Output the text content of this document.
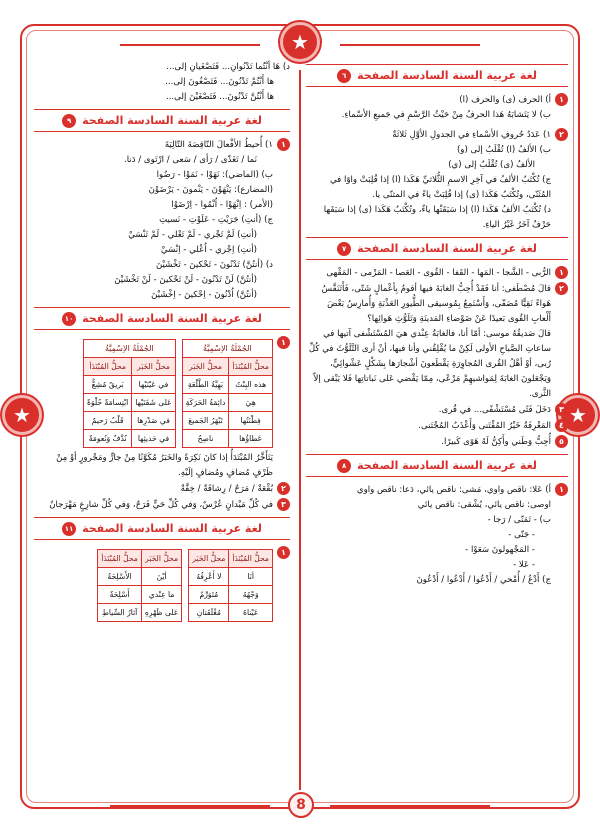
★
★	★
8
لغة عربية السنة السادسة الصفحة
٦
١
أ) الحرف (ى) والحرف (ا)
ب) لا يَتَشابَهُ هَذا الحرفُ مِنْ حَيْثُ الرَّسْمِ في جَميعِ الأسْماءِ.
٢
١) عَدَدُ حُروفِ الأسْماءِ في الجدولِ الأوَّلِ ثَلاثَةٌ
ب) الألفُ (ا) تُقْلَبُ إلى (و)
الألفُ (ى) تُقْلَبُ إلى (ي)
ج) تُكْتَبُ الألفُ في آخِرِ الاسمِ الثُّلاثيِّ هَكَذا (ا) إذا قُلِبَتْ واوًا في المُثَنّى، وتُكْتَبُ هَكَذا (ى) إذا قُلِبَتْ ياءً في المثنّى يا.
د) تُكْتَبُ الألفُ هَكَذا (ا) إذا سَبَقَتْها ياءٌ، وتُكْتَبُ هَكَذا (ى) إذا سَبَقَها حَرْفٌ آخَرُ غَيْرُ الياءِ.
لغة عربية السنة السادسة الصفحة
٧
١
الرُّبى - الشَّجا - المَها - القَفا - القُوى - العَصا - المَرْمى - المَقْهى
٢
قالَ مُصْطَفى: أنا فَقَدْ أُحِبُّ الغابَةَ فيها أقومُ بِأعْمالٍ شَتّى، فَأَتَنَفَّسُ هَواءً نَقِيًّا مُصَفّى، وَأَسْتَمِعُ بِمُوسيقى الطُّيورِ العَذْبَةِ وَأُمارِسُ بَعْضَ أَلْعابِ القُوى بَعيدًا عَنْ ضَوْضاءِ المَدينَةِ وَتَلَوُّثِ هَوائِها؟
قالَ صَديقُهُ موسى: أمّا أنا، فالغابَةُ عِنْدي هيَ المُسْتَشْفى آتيها في ساعاتِ الصَّباحِ الأولى لَكِنْ ما يُقْلِقُني وأنا فيها، أنْ أرى التَّلَوُّثَ في كُلِّ رُبى، أوْ أهْلُ القُرى المُجاوِرَةِ يَقْطَعونَ أشْجارَها بِشَكْلٍ عَشْوائِيٍّ، وَيَجْعَلونَ الغابَةَ لِمَواشيهِمْ مَرْعًى، مِمّا يَقْضي عَلى نَباتاتِها فَلا يَبْقى إلاّ الثَّرى.
٣
دَخَلَ فَتًى مُسْتَشْفًى... في قُرى.
٤
المَعْرِفَةُ خَيْرُ المُقْتَنى وَأَعْذَبُ المُجْتَنى.
٥
أُحِبُّ وَطَني وأَكِنُّ لَهُ هَوًى كَبيرًا.
لغة عربية السنة السادسة الصفحة
٨
١
أ) عَلا: ناقص واوي، مَشى: ناقص يائي، دَعا: ناقص واوي
اوصى: ناقص يائي، يُشْقى: ناقص يائي
ب) - تَمَنّى / رَجا -
- جَنّى -
- المَجْهولونَ سَعَوْا -
- عَلا -
ج) أَدْعُ / أُمْحي / أَدْعُوا / أَدْعُوا / أَدْعُونَ
د) هَا أَنْتُما تَدْنُوانِ... فَتَصْغَيانِ إلى...
ها أَنْتُمْ تَدْنُونَ... فَتَصْغُونَ إلى...
ها أَنْتُنَّ تَدْنُونَ... فَتَصْغَيْنَ إلى...
لغة عربية السنة السادسة الصفحة
٩
١
١) أُحيطُ الأفْعالَ النّاقِصَةَ التّالِيَةَ
نَما / تَغَذّى / رَأى / سَعى / ارْتَوى / دَنا.
ب) (الماضي): نَهَوْا - نَمَوْا - رَضُوا
(المضارع): يَنْهَوْنَ - يَنْمونَ - يَرْضَوْنَ
(الأمر) : اِنْهَوْا - اُنْمُوا - اِرْضَوْا
ج) (أنتِ) جَرَيْتِ - عَلَوْتِ - نَسيتِ
(أنتِ) لَمْ تَجْري - لَمْ تَعْلي - لَمْ تَنْسَيْ
(أنتِ) اِجْري - اُعْلي - اِنْسَيْ
د) (أنتُنَّ) تَدْنُونَ - تَحْكينَ - تَخْشَيْنَ
(أنتُنَّ) لَنْ تَدْنُونَ - لَنْ تَحْكينَ - لَنْ تَخْشَيْنَ
(أنتُنَّ) اُدْنُونَ - اِحْكينَ - اِخْشَيْنَ
لغة عربية السنة السادسة الصفحة
١٠
١
الجُمْلَةُ الاِسْمِيَّةُ	
محلُّ المُبْتَدَأ	محلُّ الخَبَر
هذه البِنْتُ	بَهِيَّةُ الطَّلْعَةِ
هِيَ	دائِمَةُ الحَرَكَةِ
فِطْنَتُها	تَبْهَرُ الجَميعَ
عَطاؤُها	ناصِحٌ
الجُمْلَةُ الاِسْمِيَّةُ	
محلُّ الخَبَر	محلُّ المُبْتَدَأ
في عَيْنَيْها	بَريقٌ مُشِعٌّ
عَلى شَفَتَيْها	ابْتِسامَةٌ حُلْوَةٌ
في صَدْرِها	قَلْبٌ رَحيمٌ
في حَديثِها	نُدَّفٌ وَنُعومَةٌ
يَتَأَخَّرُ المُبْتَدَأُ إذا كانَ نَكِرَةً والخَبَرُ مُكَوَّنًا مِنْ جارٍّ ومَجْرورٍ أوْ مِنْ ظَرْفٍ مُضافٍ ومُضافٍ إلَيْهِ.
٢
بُقْعَةٌ / مَرَحٌ / رِشاقَةٌ / خِفَّةٌ
٣
في كُلِّ مَيْدانٍ عُرْسٌ، وَفي كُلِّ حَيٍّ فَرَحٌ، وَفي كُلِّ شارِعٍ مَهْرَجانٌ
لغة عربية السنة السادسة الصفحة
١١
١
محلُّ المُبْتَدَأ	محلُّ الخَبَر
أنَا	لا أَعْرِفُهُ
وَجْهُهُ	مُتَوَرِّمٌ
عَيْناهُ	مُغْلَقَتانِ
محلُّ الخَبَر	محلُّ المُبْتَدَأ
أيْنَ	الأَسْلِحَةُ
ما عِنْدي	أَسْلِحَةٌ
عَلى ظَهْرِهِ	آثارُ السِّياطِ
